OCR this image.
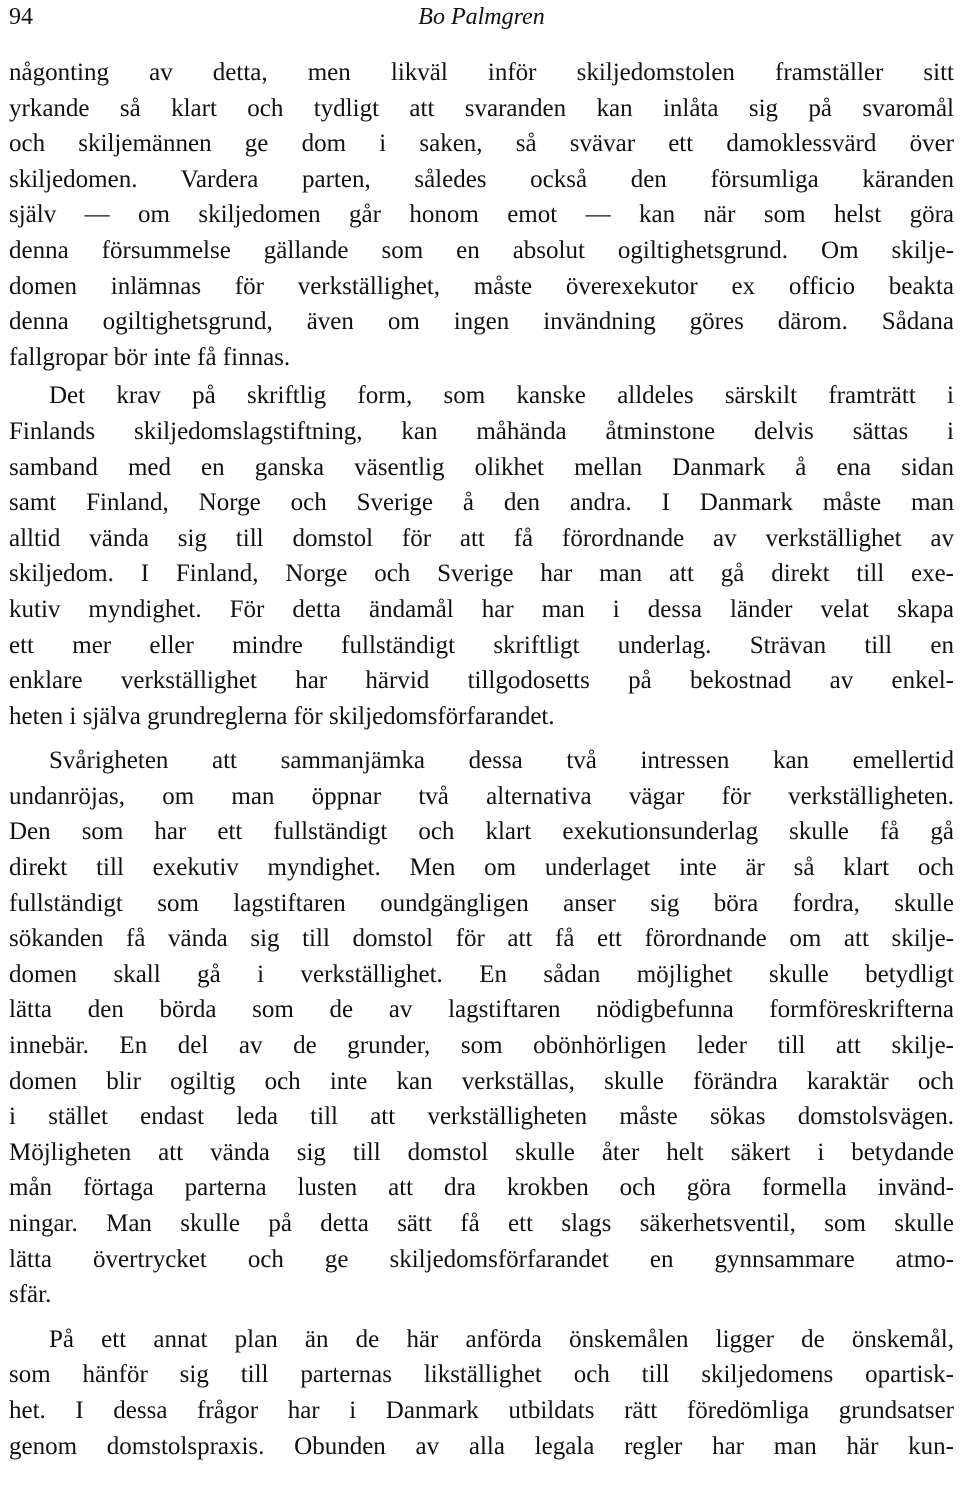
94	Bo Palmgren

någonting av detta, men likväl inför skiljedomstolen framställer sitt
yrkande så klart och tydligt att svaranden kan inlåta sig på svaromål
och skiljemännen ge dom i saken, så svävar ett damoklessvärd över
skiljedomen. Vardera parten, således också den försumliga käranden
själv — om skiljedomen går honom emot — kan när som helst göra
denna försummelse gällande som en absolut ogiltighetsgrund. Om skilje-
domen inlämnas för verkställighet, måste överexekutor ex officio beakta
denna ogiltighetsgrund, även om ingen invändning göres därom. Sådana
fallgropar bör inte få finnas.

Det krav på skriftlig form, som kanske alldeles särskilt framträtt i
Finlands skiljedomslagstiftning, kan måhända åtminstone delvis sättas i
samband med en ganska väsentlig olikhet mellan Danmark å ena sidan
samt Finland, Norge och Sverige å den andra. I Danmark måste man
alltid vända sig till domstol för att få förordnande av verkställighet av
skiljedom. I Finland, Norge och Sverige har man att gå direkt till exe-
kutiv myndighet. För detta ändamål har man i dessa länder velat skapa
ett mer eller mindre fullständigt skriftligt underlag. Strävan till en
enklare verkställighet har härvid tillgodosetts på bekostnad av enkel-
heten i själva grundreglerna för skiljedomsförfarandet.

Svårigheten att sammanjämka dessa två intressen kan emellertid
undanröjas, om man öppnar två alternativa vägar för verkställigheten.
Den som har ett fullständigt och klart exekutionsunderlag skulle få gå
direkt till exekutiv myndighet. Men om underlaget inte är så klart och
fullständigt som lagstiftaren oundgängligen anser sig böra fordra, skulle
sökanden få vända sig till domstol för att få ett förordnande om att skilje-
domen skall gå i verkställighet. En sådan möjlighet skulle betydligt
lätta den börda som de av lagstiftaren nödigbefunna formföreskrifterna
innebär. En del av de grunder, som obönhörligen leder till att skilje-
domen blir ogiltig och inte kan verkställas, skulle förändra karaktär och
i stället endast leda till att verkställigheten måste sökas domstolsvägen.
Möjligheten att vända sig till domstol skulle åter helt säkert i betydande
mån förtaga parterna lusten att dra krokben och göra formella invänd-
ningar. Man skulle på detta sätt få ett slags säkerhetsventil, som skulle
lätta övertrycket och ge skiljedomsförfarandet en gynnsammare atmo-
sfär.

På ett annat plan än de här anförda önskemålen ligger de önskemål,
som hänför sig till parternas likställighet och till skiljedomens opartisk-
het. I dessa frågor har i Danmark utbildats rätt föredömliga grundsatser
genom domstolspraxis. Obunden av alla legala regler har man här kun-
